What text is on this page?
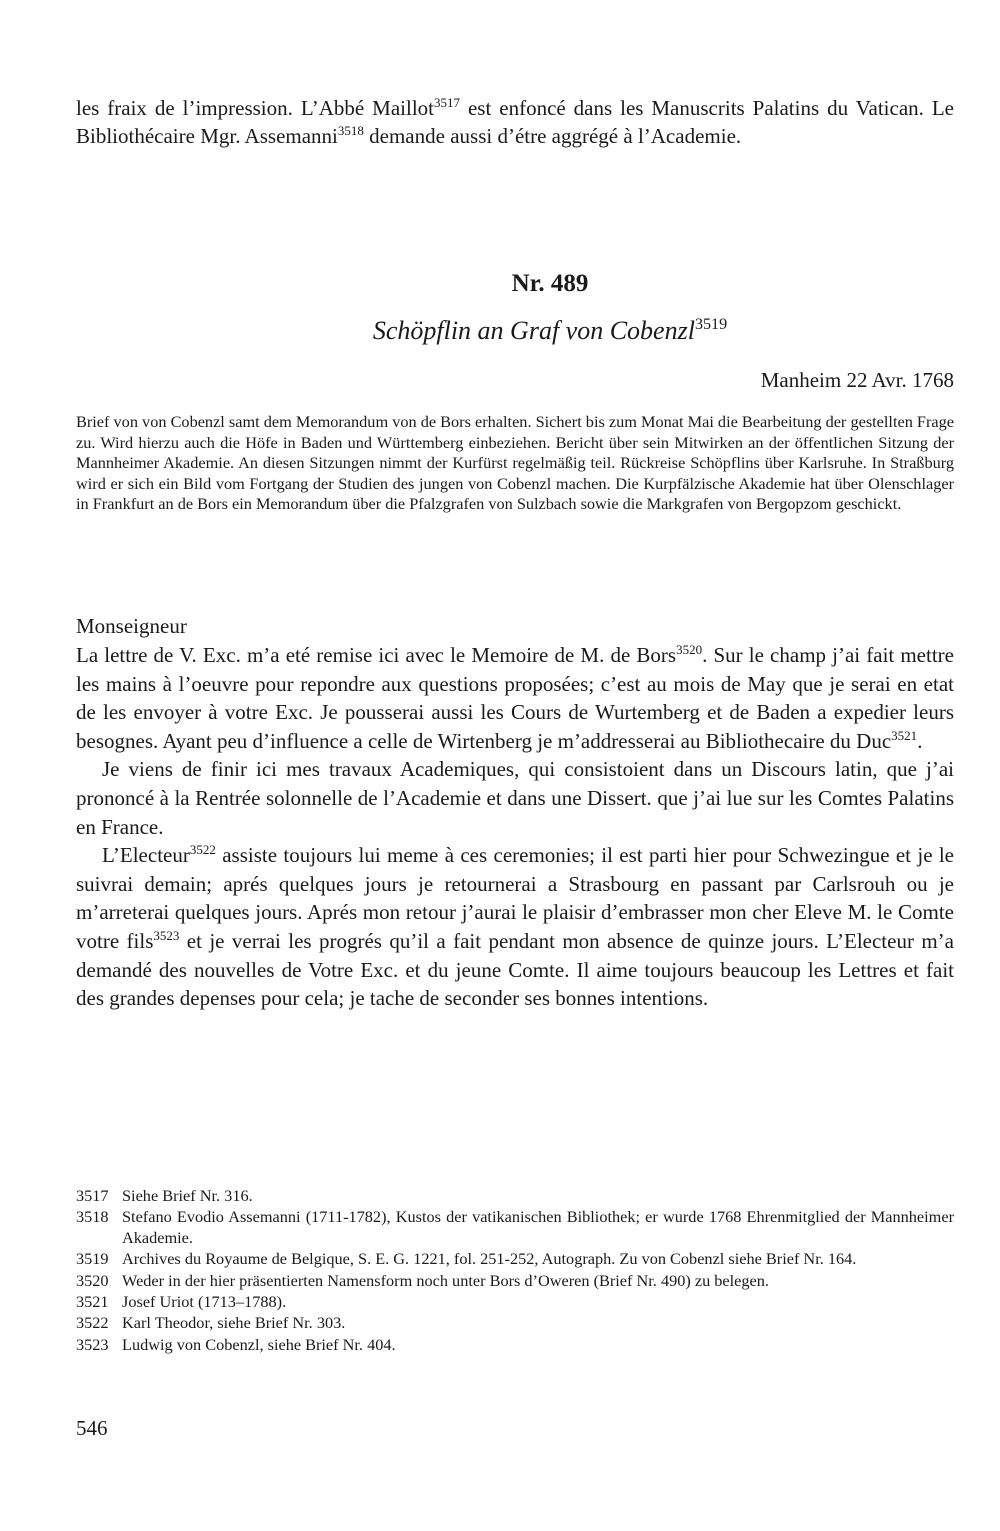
les fraix de l’impression. L’Abbé Maillot$^{3517}$ est enfoncé dans les Manuscrits Palatins du Vatican. Le Bibliothécaire Mgr. Assemanni$^{3518}$ demande aussi d’étre aggrégé à l’Academie.

Nr. 489
Schöpflin an Graf von Cobenzl$^{3519}$
Manheim 22 Avr. 1768

Brief von von Cobenzl samt dem Memorandum von de Bors erhalten. Sichert bis zum Monat Mai die Bearbeitung der gestellten Frage zu. Wird hierzu auch die Höfe in Baden und Württemberg einbeziehen. Bericht über sein Mitwirken an der öffentlichen Sitzung der Mannheimer Akademie. An diesen Sitzungen nimmt der Kurfürst regelmäßig teil. Rückreise Schöpflins über Karlsruhe. In Straßburg wird er sich ein Bild vom Fortgang der Studien des jungen von Cobenzl machen. Die Kurpfälzische Akademie hat über Olenschlager in Frankfurt an de Bors ein Memorandum über die Pfalzgrafen von Sulzbach sowie die Markgrafen von Bergopzom geschickt.

Monseigneur

La lettre de V. Exc. m’a eté remise ici avec le Memoire de M. de Bors$^{3520}$. Sur le champ j’ai fait mettre les mains à l’oeuvre pour repondre aux questions proposées; c’est au mois de May que je serai en etat de les envoyer à votre Exc. Je pousserai aussi les Cours de Wurtemberg et de Baden a expedier leurs besognes. Ayant peu d’influence a celle de Wirtenberg je m’addresserai au Bibliothecaire du Duc$^{3521}$.

Je viens de finir ici mes travaux Academiques, qui consistoient dans un Discours latin, que j’ai prononcé à la Rentrée solonnelle de l’Academie et dans une Dissert. que j’ai lue sur les Comtes Palatins en France.

L’Electeur$^{3522}$ assiste toujours lui meme à ces ceremonies; il est parti hier pour Schwezingue et je le suivrai demain; aprés quelques jours je retournerai a Strasbourg en passant par Carlsrouh ou je m’arreterai quelques jours. Aprés mon retour j’aurai le plaisir d’embrasser mon cher Eleve M. le Comte votre fils$^{3523}$ et je verrai les progrés qu’il a fait pendant mon absence de quinze jours. L’Electeur m’a demandé des nouvelles de Votre Exc. et du jeune Comte. Il aime toujours beaucoup les Lettres et fait des grandes depenses pour cela; je tache de seconder ses bonnes intentions.

3517 Siehe Brief Nr. 316.
3518 Stefano Evodio Assemanni (1711-1782), Kustos der vatikanischen Bibliothek; er wurde 1768 Ehrenmitglied der Mannheimer Akademie.
3519 Archives du Royaume de Belgique, S. E. G. 1221, fol. 251-252, Autograph. Zu von Cobenzl siehe Brief Nr. 164.
3520 Weder in der hier präsentierten Namensform noch unter Bors d’Oweren (Brief Nr. 490) zu belegen.
3521 Josef Uriot (1713–1788).
3522 Karl Theodor, siehe Brief Nr. 303.
3523 Ludwig von Cobenzl, siehe Brief Nr. 404.
546
